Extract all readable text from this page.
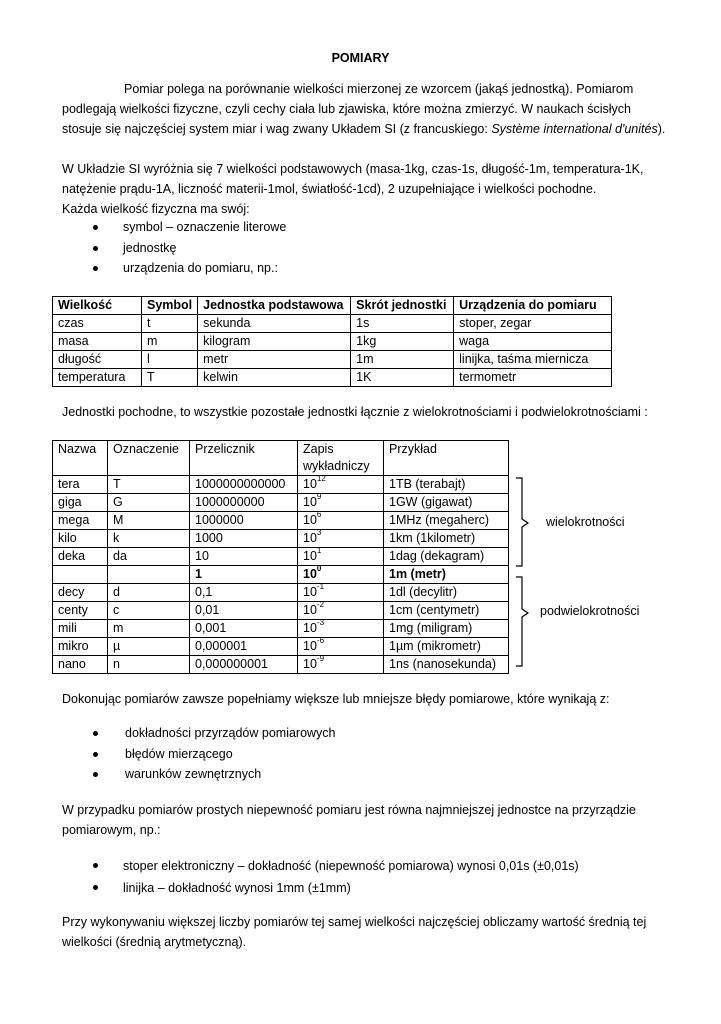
POMIARY

Pomiar polega na porównanie wielkości mierzonej ze wzorcem (jakąś jednostką). Pomiarom podlegają wielkości fizyczne, czyli cechy ciała lub zjawiska, które można zmierzyć. W naukach ścisłych stosuje się najczęściej system miar i wag zwany Układem SI (z francuskiego: Système international d'unités).

W Układzie SI wyróżnia się 7 wielkości podstawowych (masa-1kg, czas-1s, długość-1m, temperatura-1K, natężenie prądu-1A, liczność materii-1mol, światłość-1cd), 2 uzupełniające i wielkości pochodne.

Każda wielkość fizyczna ma swój:

symbol – oznaczenie literowe
jednostkę
urządzenia do pomiaru, np.:
Wielkość	Symbol	Jednostka podstawowa	Skrót jednostki	Urządzenia do pomiaru
czas	t	sekunda	1s	stoper, zegar
masa	m	kilogram	1kg	waga
długość	l	metr	1m	linijka, taśma miernicza
temperatura	T	kelwin	1K	termometr
Jednostki pochodne, to wszystkie pozostałe jednostki łącznie z wielokrotnościami i podwielokrotnościami :
Nazwa	Oznaczenie	Przelicznik	Zapis wykładniczy	Przykład
tera	T	1000000000000	$10^{12}$	1TB (terabajt)
giga	G	1000000000	$10^9$	1GW (gigawat)
mega	M	1000000	$10^6$	1MHz (megaherc)
kilo	k	1000	$10^3$	1km (1kilometr)
deka	da	10	$10^1$	1dag (dekagram)
		1	$10^0$	1m (metr)
decy	d	0,1	$10^{-1}$	1dl (decylitr)
centy	c	0,01	$10^{-2}$	1cm (centymetr)
mili	m	0,001	$10^{-3}$	1mg (miligram)
mikro	µ	0,000001	$10^{-6}$	1µm (mikrometr)
nano	n	0,000000001	$10^{-9}$	1ns (nanosekunda)
wielokrotności
podwielokrotności
Dokonując pomiarów zawsze popełniamy większe lub mniejsze błędy pomiarowe, które wynikają z:
dokładności przyrządów pomiarowych
błędów mierzącego
warunków zewnętrznych
W przypadku pomiarów prostych niepewność pomiaru jest równa najmniejszej jednostce na przyrządzie pomiarowym, np.:
stoper elektroniczny – dokładność (niepewność pomiarowa) wynosi 0,01s (±0,01s)
linijka – dokładność wynosi 1mm (±1mm)
Przy wykonywaniu większej liczby pomiarów tej samej wielkości najczęściej obliczamy wartość średnią tej wielkości (średnią arytmetyczną).
